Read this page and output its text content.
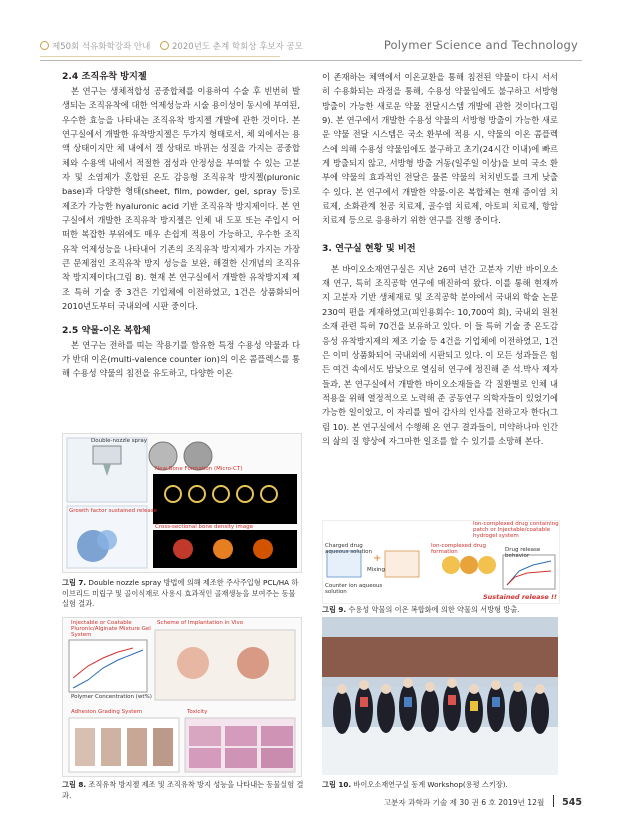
제50회 석유화학강좌 안내	2020년도 춘계 학회상 후보자 공모	Polymer Science and Technology
2.4 조직유착 방지젤

본 연구는 생체적합성 공중합체를 이용하여 수술 후 빈번히 발생되는 조직유착에 대한 억제성능과 시술 용이성이 동시에 부여된, 우수한 효능을 나타내는 조직유착 방지젤 개발에 관한 것이다. 본 연구실에서 개발한 유착방지젤은 두가지 형태로서, 체 외에서는 용액 상태이지만 체 내에서 겔 상태로 바뀌는 성질을 가지는 공중합체와 수용액 내에서 적절한 점성과 안정성을 부여할 수 있는 고분자 및 소염제가 혼합된 온도 감응형 조직유착 방지젤(pluronic base)과 다양한 형태(sheet, film, powder, gel, spray 등)로 제조가 가능한 hyaluronic acid 기반 조직유착 방지제이다. 본 연구실에서 개발한 조직유착 방지젤은 인체 내 도포 또는 주입시 어떠한 복잡한 부위에도 매우 손쉽게 적용이 가능하고, 우수한 조직유착 억제성능을 나타내어 기존의 조직유착 방지제가 가지는 가장 큰 문제점인 조직유착 방지 성능을 보완, 해결한 신개념의 조직유착 방지제이다(그림 8). 현재 본 연구실에서 개발한 유착방지제 제조 특허 기술 중 3건은 기업체에 이전하였고, 1건은 상품화되어 2010년도부터 국내외에 시판 중이다.

2.5 약물-이온 복합체

본 연구는 전하를 띠는 작용기를 함유한 특정 수용성 약물과 다가 반대 이온(multi-valence counter ion)의 이온 콤플렉스를 통해 수용성 약물의 침전을 유도하고, 다양한 이온

이 존재하는 체액에서 이온교환을 통해 침전된 약물이 다시 서서히 수용화되는 과정을 통해, 수용성 약물임에도 불구하고 서방형 방출이 가능한 새로운 약물 전달시스템 개발에 관한 것이다(그림 9). 본 연구에서 개발한 수용성 약물의 서방형 방출이 가능한 새로운 약물 전달 시스템은 국소 환부에 적용 시, 약물의 이온 콤플렉스에 의해 수용성 약물임에도 불구하고 초기(24시간 이내)에 빠르게 방출되지 않고, 서방형 방출 거동(일주일 이상)을 보여 국소 환부에 약물의 효과적인 전달은 물론 약물의 처치빈도를 크게 낮출 수 있다. 본 연구에서 개발한 약물-이온 복합체는 현재 증이염 치료제, 소화관계 천공 치료제, 골수염 치료제, 아토피 치료제, 항암 치료제 등으로 응용하기 위한 연구를 진행 중이다.

3. 연구실 현황 및 비전

본 바이오소재연구실은 지난 26여 년간 고분자 기반 바이오소재 연구, 특히 조직공학 연구에 매진하여 왔다. 이를 통해 현재까지 고분자 기반 생체재료 및 조직공학 분야에서 국내외 학술 논문 230여 편을 게재하였고(피인용회수: 10,700여 회), 국내외 원천소재 관련 특허 70건을 보유하고 있다. 이 들 특허 기술 중 온도감응성 유착방지제의 제조 기술 등 4건을 기업체에 이전하였고, 1건은 이미 상품화되어 국내외에 시판되고 있다. 이 모든 성과들은 힘든 여건 속에서도 밤낮으로 열심히 연구에 정진해 준 석.박사 제자들과, 본 연구실에서 개발한 바이오소재들을 각 질환별로 인체 내 적용을 위해 열정적으로 노력해 준 공동연구 의학자들이 있었기에 가능한 일이었고, 이 자리를 빌어 감사의 인사를 전하고자 한다(그림 10). 본 연구실에서 수행해 온 연구 결과들이, 미약하나마 인간의 삶의 질 향상에 자그마한 일조를 할 수 있기를 소망해 본다.

Double-nozzle spray
New Bone Formation (Micro-CT)
Cross-sectional bone density image
Growth factor sustained release
그림 7. Double nozzle spray 방법에 의해 제조한 주사주입형 PCL/HA 하이브리드 미립구 및 골이식재로 사용시 효과적인 골재생능을 보여주는 동물실험 결과.
Injectable or Coatable Pluronic/Alginate Mixture Gel System
Scheme of Implantation in Vivo
Polymer Concentration (wt%)
Adhesion Grading System	Toxicity
그림 8. 조직유착 방지젤 제조 및 조직유착 방지 성능을 나타내는 동물실험 결과.
+
Ion-complexed drug containing patch or Injectable/coatable hydrogel system
Charged drug aqueous solution
Counter ion aqueous solution
Mixing
Ion-complexed drug formation	Drug release behavior
Sustained release !!
그림 9. 수용성 약물의 이온 복합화에 의한 약물의 서방형 방출.
그림 10. 바이오소재연구실 동계 Workshop(용평 스키장).
고분자 과학과 기술 제 30 권 6 호 2019년 12월 545
